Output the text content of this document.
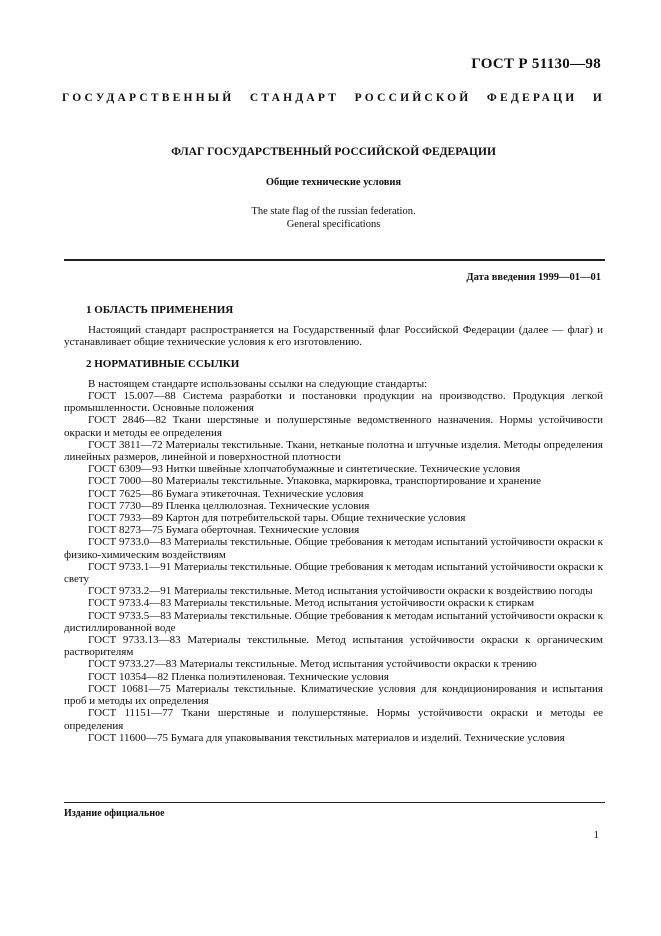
ГОСТ Р 51130—98
ГОСУДАРСТВЕННЫЙ СТАНДАРТ РОССИЙСКОЙ ФЕДЕРАЦИ И
ФЛАГ ГОСУДАРСТВЕННЫЙ РОССИЙСКОЙ ФЕДЕРАЦИИ
Общие технические условия
The state flag of the russian federation.
General specifications
Дата введения 1999—01—01
1 ОБЛАСТЬ ПРИМЕНЕНИЯ

Настоящий стандарт распространяется на Государственный флаг Российской Федерации (далее — флаг) и устанавливает общие технические условия к его изготовлению.

2 НОРМАТИВНЫЕ ССЫЛКИ

В настоящем стандарте использованы ссылки на следующие стандарты:

ГОСТ 15.007—88 Система разработки и постановки продукции на производство. Продукция легкой промышленности. Основные положения

ГОСТ 2846—82 Ткани шерстяные и полушерстяные ведомственного назначения. Нормы устойчивости окраски и методы ее определения

ГОСТ 3811—72 Материалы текстильные. Ткани, нетканые полотна и штучные изделия. Методы определения линейных размеров, линейной и поверхностной плотности

ГОСТ 6309—93 Нитки швейные хлопчатобумажные и синтетические. Технические условия

ГОСТ 7000—80 Материалы текстильные. Упаковка, маркировка, транспортирование и хранение

ГОСТ 7625—86 Бумага этикеточная. Технические условия

ГОСТ 7730—89 Пленка целлюлозная. Технические условия

ГОСТ 7933—89 Картон для потребительской тары. Общие технические условия

ГОСТ 8273—75 Бумага оберточная. Технические условия

ГОСТ 9733.0—83 Материалы текстильные. Общие требования к методам испытаний устойчивости окраски к физико-химическим воздействиям

ГОСТ 9733.1—91 Материалы текстильные. Общие требования к методам испытаний устойчивости окраски к свету

ГОСТ 9733.2—91 Материалы текстильные. Метод испытания устойчивости окраски к воздействию погоды

ГОСТ 9733.4—83 Материалы текстильные. Метод испытания устойчивости окраски к стиркам

ГОСТ 9733.5—83 Материалы текстильные. Общие требования к методам испытаний устойчивости окраски к дистиллированной воде

ГОСТ 9733.13—83 Материалы текстильные. Метод испытания устойчивости окраски к органическим растворителям

ГОСТ 9733.27—83 Материалы текстильные. Метод испытания устойчивости окраски к трению

ГОСТ 10354—82 Пленка полиэтиленовая. Технические условия

ГОСТ 10681—75 Материалы текстильные. Климатические условия для кондиционирования и испытания проб и методы их определения

ГОСТ 11151—77 Ткани шерстяные и полушерстяные. Нормы устойчивости окраски и методы ее определения

ГОСТ 11600—75 Бумага для упаковывания текстильных материалов и изделий. Технические условия

Издание официальное
1
